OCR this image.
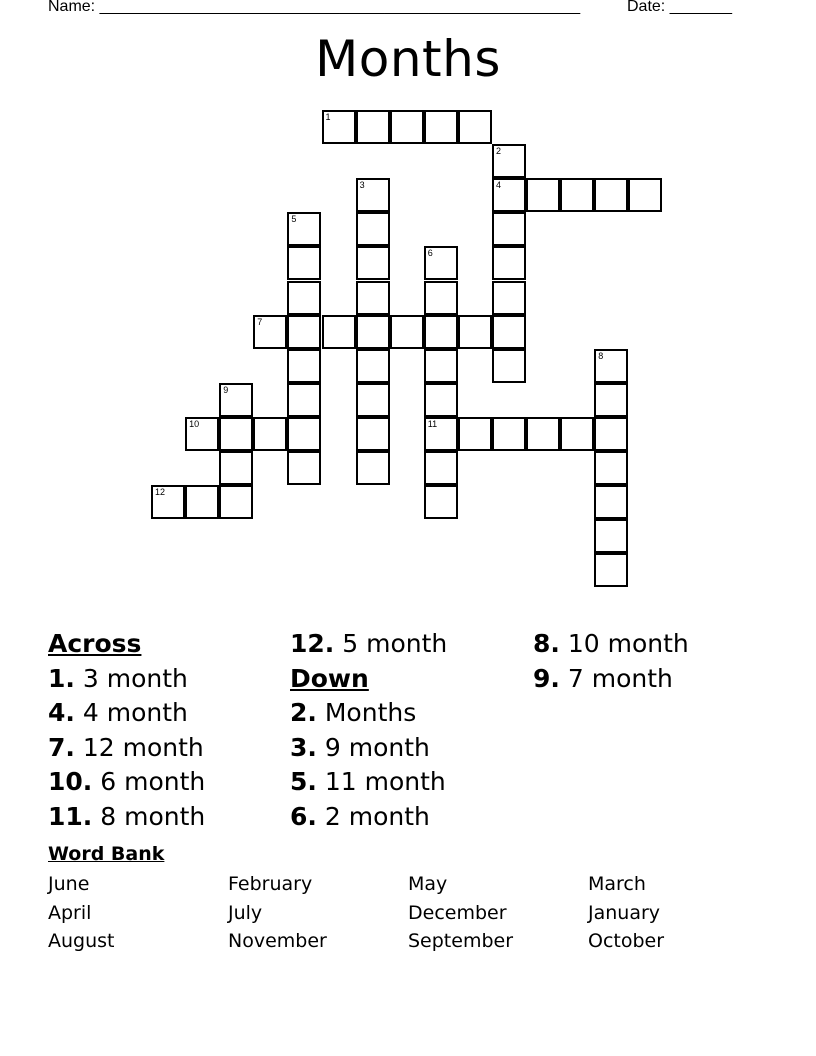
Name: ______________________________________________________	Date: _______

Months
1
2
4
3
5
6
11
7
8
9
10
12

Across

1. 3 month

4. 4 month

7. 12 month

10. 6 month

11. 8 month

12. 5 month

Down

2. Months

3. 9 month

5. 11 month

6. 2 month

8. 10 month

9. 7 month

Word Bank

June	February	May	March

April	July	December	January

August	November	September	October
